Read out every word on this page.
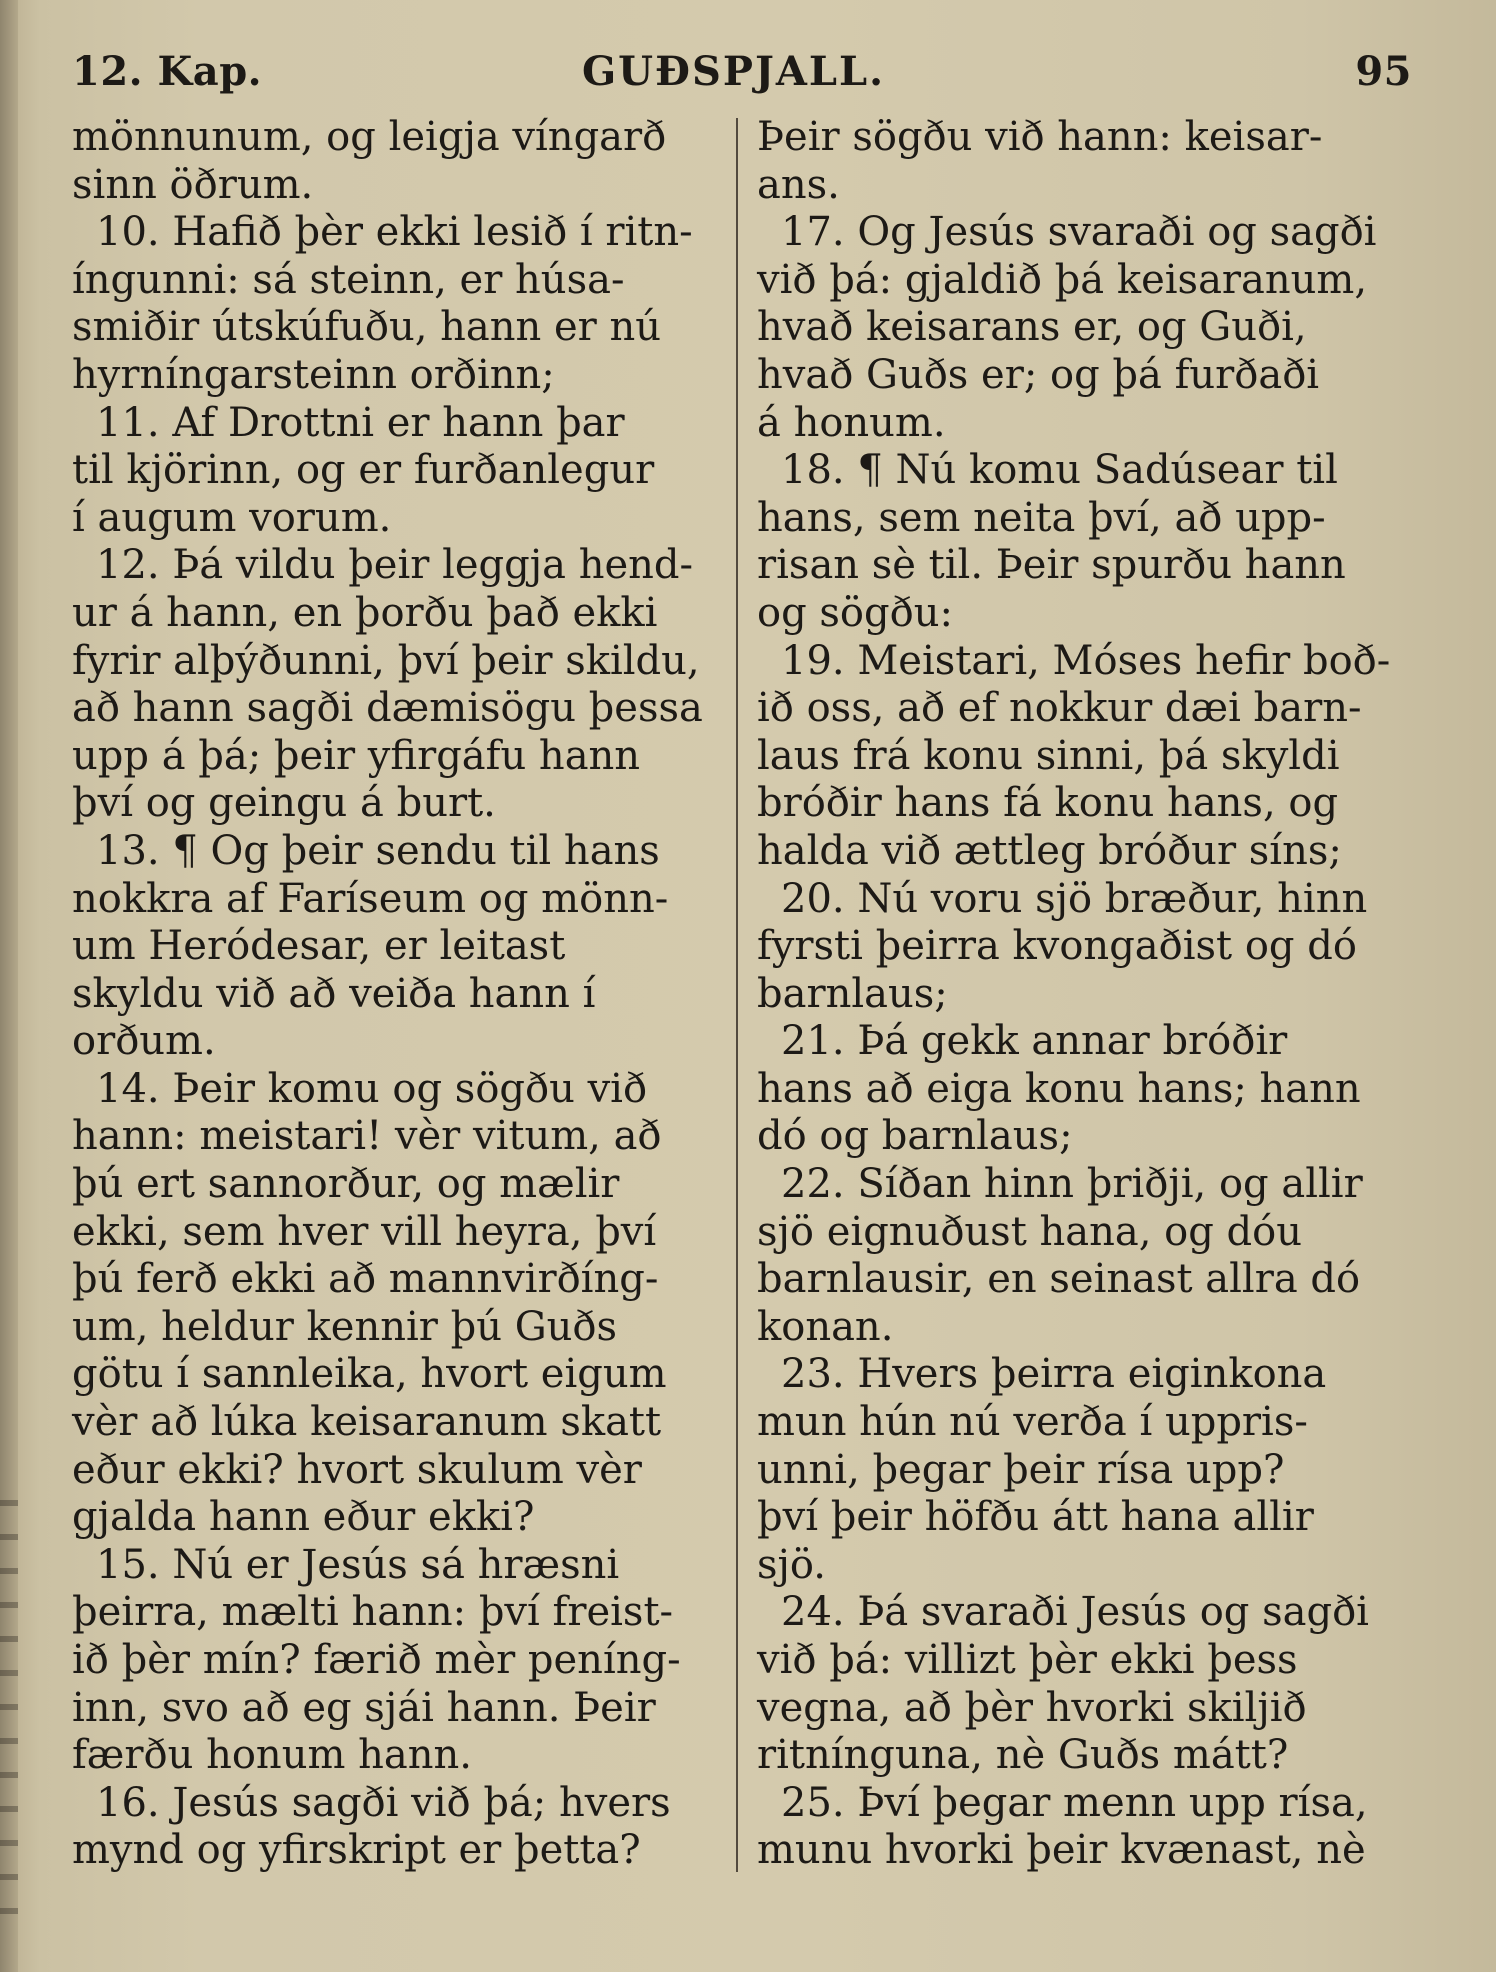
12. Kap.	GUÐSPJALL.	95
mönnunum, og leigja víngarð
sinn öðrum.
10. Hafið þèr ekki lesið í ritn-
íngunni: sá steinn, er húsa-
smiðir útskúfuðu, hann er nú
hyrníngarsteinn orðinn;
11. Af Drottni er hann þar
til kjörinn, og er furðanlegur
í augum vorum.
12. Þá vildu þeir leggja hend-
ur á hann, en þorðu það ekki
fyrir alþýðunni, því þeir skildu,
að hann sagði dæmisögu þessa
upp á þá; þeir yfirgáfu hann
því og geingu á burt.
13. ¶ Og þeir sendu til hans
nokkra af Faríseum og mönn-
um Heródesar, er leitast
skyldu við að veiða hann í
orðum.
14. Þeir komu og sögðu við
hann: meistari! vèr vitum, að
þú ert sannorður, og mælir
ekki, sem hver vill heyra, því
þú ferð ekki að mannvirðíng-
um, heldur kennir þú Guðs
götu í sannleika, hvort eigum
vèr að lúka keisaranum skatt
eður ekki? hvort skulum vèr
gjalda hann eður ekki?
15. Nú er Jesús sá hræsni
þeirra, mælti hann: því freist-
ið þèr mín? færið mèr peníng-
inn, svo að eg sjái hann. Þeir
færðu honum hann.
16. Jesús sagði við þá; hvers
mynd og yfirskript er þetta?
Þeir sögðu við hann: keisar-
ans.
17. Og Jesús svaraði og sagði
við þá: gjaldið þá keisaranum,
hvað keisarans er, og Guði,
hvað Guðs er; og þá furðaði
á honum.
18. ¶ Nú komu Sadúsear til
hans, sem neita því, að upp-
risan sè til. Þeir spurðu hann
og sögðu:
19. Meistari, Móses hefir boð-
ið oss, að ef nokkur dæi barn-
laus frá konu sinni, þá skyldi
bróðir hans fá konu hans, og
halda við ættleg bróður síns;
20. Nú voru sjö bræður, hinn
fyrsti þeirra kvongaðist og dó
barnlaus;
21. Þá gekk annar bróðir
hans að eiga konu hans; hann
dó og barnlaus;
22. Síðan hinn þriðji, og allir
sjö eignuðust hana, og dóu
barnlausir, en seinast allra dó
konan.
23. Hvers þeirra eiginkona
mun hún nú verða í uppris-
unni, þegar þeir rísa upp?
því þeir höfðu átt hana allir
sjö.
24. Þá svaraði Jesús og sagði
við þá: villizt þèr ekki þess
vegna, að þèr hvorki skiljið
ritnínguna, nè Guðs mátt?
25. Því þegar menn upp rísa,
munu hvorki þeir kvænast, nè
